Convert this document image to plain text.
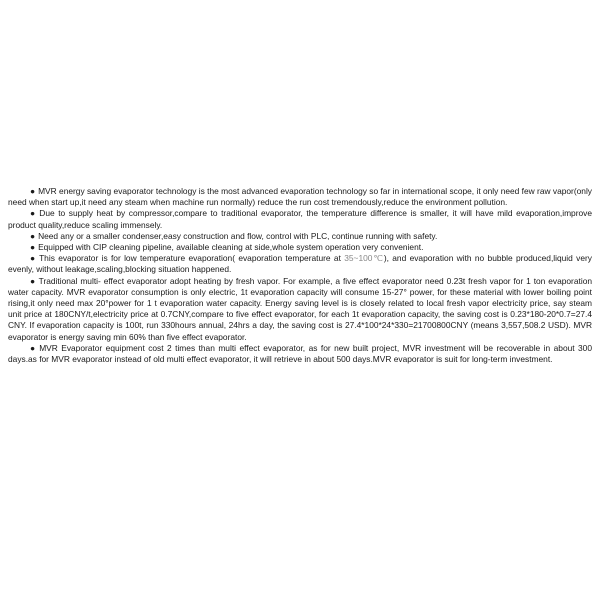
● MVR energy saving evaporator technology is the most advanced evaporation technology so far in international scope, it only need few raw vapor(only need when start up,it need any steam when machine run normally) reduce the run cost tremendously,reduce the environment pollution.

● Due to supply heat by compressor,compare to traditional evaporator, the temperature difference is smaller, it will have mild evaporation,improve product quality,reduce scaling immensely.

● Need any or a smaller condenser,easy construction and flow, control with PLC, continue running with safety.

● Equipped with CIP cleaning pipeline, available cleaning at side,whole system operation very convenient.

● This evaporator is for low temperature evaporation( evaporation temperature at 35~100℃), and evaporation with no bubble produced,liquid very evenly, without leakage,scaling,blocking situation happened.

● Traditional multi- effect evaporator adopt heating by fresh vapor. For example, a five effect evaporator need 0.23t fresh vapor for 1 ton evaporation water capacity. MVR evaporator consumption is only electric, 1t evaporation capacity will consume 15-27° power, for these material with lower boiling point rising,it only need max 20°power for 1 t evaporation water capacity. Energy saving level is is closely related to local fresh vapor electricity price, say steam unit price at 180CNY/t,electricity price at 0.7CNY,compare to five effect evaporator, for each 1t evaporation capacity, the saving cost is 0.23*180-20*0.7=27.4 CNY. If evaporation capacity is 100t, run 330hours annual, 24hrs a day, the saving cost is 27.4*100*24*330=21700800CNY (means 3,557,508.2 USD). MVR evaporator is energy saving min 60% than five effect evaporator.

● MVR Evaporator equipment cost 2 times than multi effect evaporator, as for new built project, MVR investment will be recoverable in about 300 days.as for MVR evaporator instead of old multi effect evaporator, it will retrieve in about 500 days.MVR evaporator is suit for long-term investment.
